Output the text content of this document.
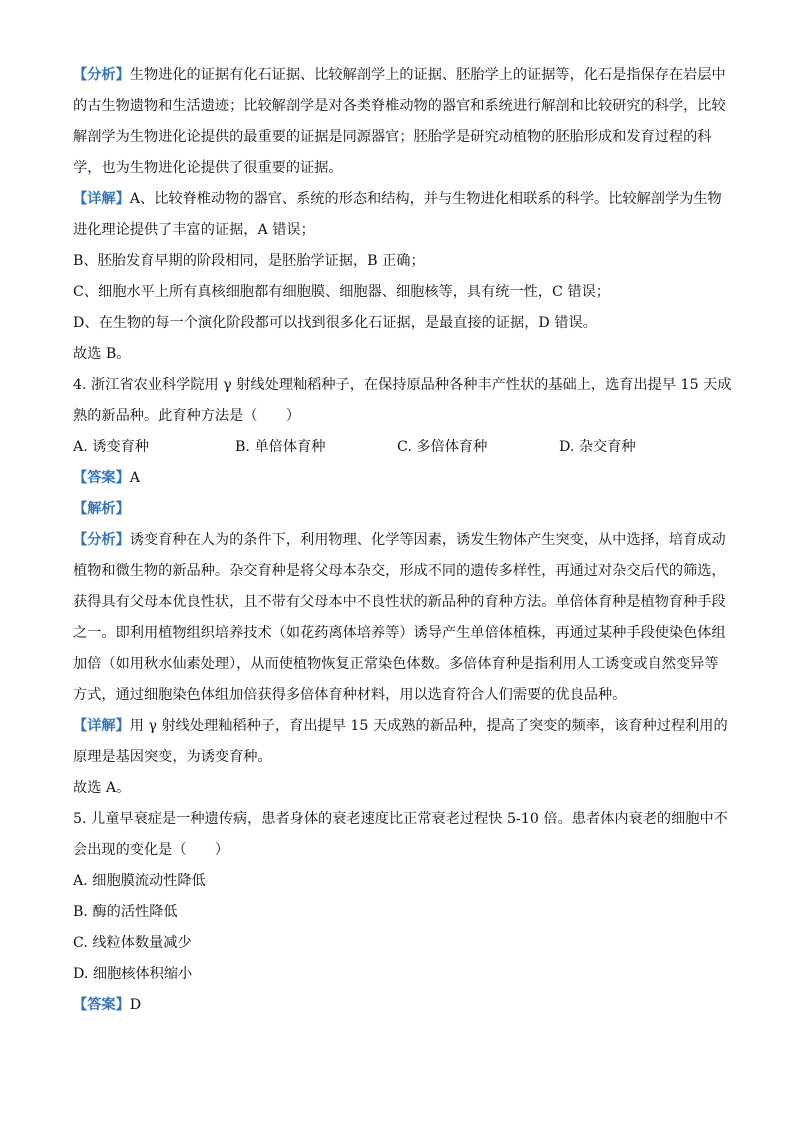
【分析】生物进化的证据有化石证据、比较解剖学上的证据、胚胎学上的证据等，化石是指保存在岩层中
的古生物遗物和生活遗迹；比较解剖学是对各类脊椎动物的器官和系统进行解剖和比较研究的科学，比较
解剖学为生物进化论提供的最重要的证据是同源器官；胚胎学是研究动植物的胚胎形成和发育过程的科
学，也为生物进化论提供了很重要的证据。
【详解】A、比较脊椎动物的器官、系统的形态和结构，并与生物进化相联系的科学。比较解剖学为生物
进化理论提供了丰富的证据，A 错误；
B、胚胎发育早期的阶段相同，是胚胎学证据，B 正确；
C、细胞水平上所有真核细胞都有细胞膜、细胞器、细胞核等，具有统一性，C 错误；
D、在生物的每一个演化阶段都可以找到很多化石证据，是最直接的证据，D 错误。
故选 B。
4. 浙江省农业科学院用 γ 射线处理籼稻种子，在保持原品种各种丰产性状的基础上，选育出提早 15 天成
熟的新品种。此育种方法是（　　）
A. 诱变育种	B. 单倍体育种	C. 多倍体育种	D. 杂交育种
【答案】A
【解析】
【分析】诱变育种在人为的条件下，利用物理、化学等因素，诱发生物体产生突变，从中选择，培育成动
植物和微生物的新品种。杂交育种是将父母本杂交，形成不同的遗传多样性，再通过对杂交后代的筛选，
获得具有父母本优良性状，且不带有父母本中不良性状的新品种的育种方法。单倍体育种是植物育种手段
之一。即利用植物组织培养技术（如花药离体培养等）诱导产生单倍体植株，再通过某种手段使染色体组
加倍（如用秋水仙素处理），从而使植物恢复正常染色体数。多倍体育种是指利用人工诱变或自然变异等
方式，通过细胞染色体组加倍获得多倍体育种材料，用以选育符合人们需要的优良品种。
【详解】用 γ 射线处理籼稻种子，育出提早 15 天成熟的新品种，提高了突变的频率，该育种过程利用的
原理是基因突变，为诱变育种。
故选 A。
5. 儿童早衰症是一种遗传病，患者身体的衰老速度比正常衰老过程快 5-10 倍。患者体内衰老的细胞中不
会出现的变化是（　　）
A. 细胞膜流动性降低
B. 酶的活性降低
C. 线粒体数量减少
D. 细胞核体积缩小
【答案】D
